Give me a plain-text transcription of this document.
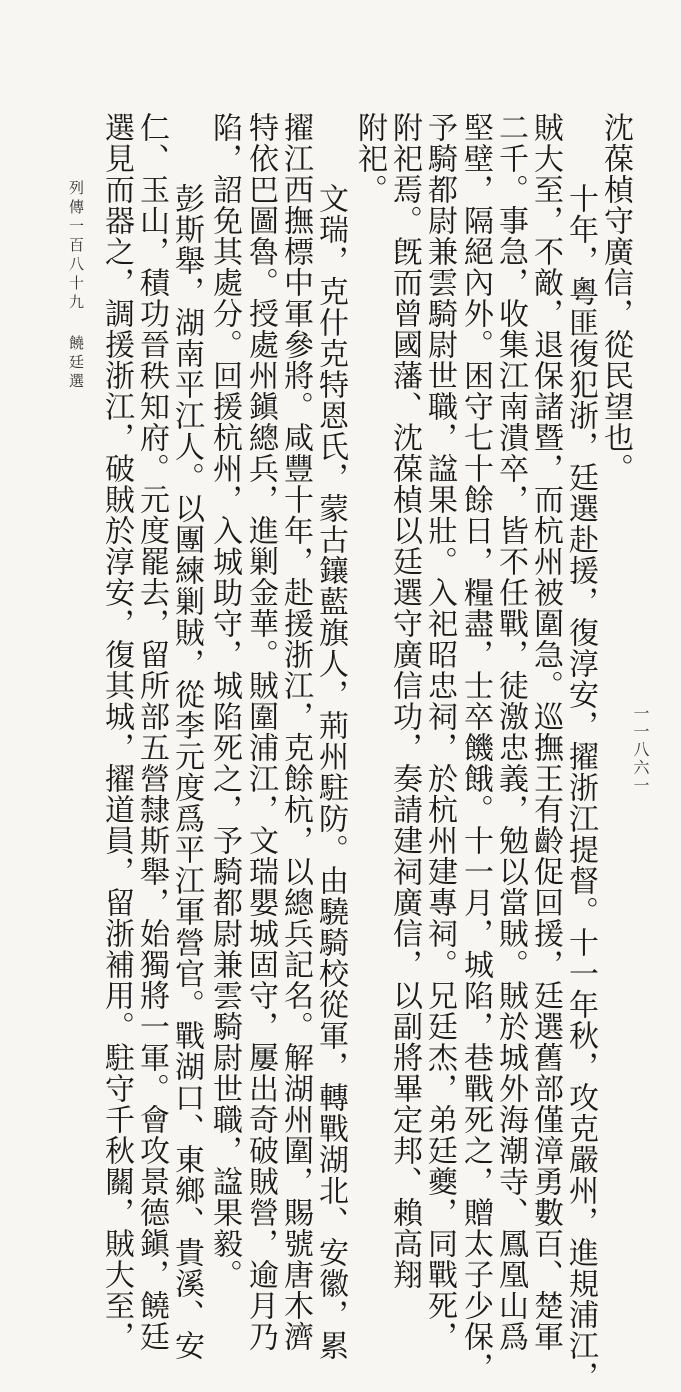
一一八六一
沈葆楨守廣信，從民望也。
　十年，粵匪復犯浙，廷選赴援，復淳安，擢浙江提督。十一年秋，攻克嚴州，進規浦江，
賊大至，不敵，退保諸暨，而杭州被圍急。巡撫王有齡促回援，廷選舊部僅漳勇數百、楚軍
二千。事急，收集江南潰卒，皆不任戰，徒激忠義，勉以當賊。賊於城外海潮寺、鳳凰山爲
堅壁，隔絕內外。困守七十餘日，糧盡，士卒饑餓。十一月，城陷，巷戰死之，贈太子少保，
予騎都尉兼雲騎尉世職，諡果壯。入祀昭忠祠，於杭州建專祠。兄廷杰，弟廷夔，同戰死，
附祀焉。旣而曾國藩、沈葆楨以廷選守廣信功，奏請建祠廣信，以副將畢定邦、賴高翔
附祀。
　文瑞，克什克特恩氏，蒙古鑲藍旗人，荊州駐防。由驍騎校從軍，轉戰湖北、安徽，累
擢江西撫標中軍參將。咸豐十年，赴援浙江，克餘杭，以總兵記名。解湖州圍，賜號唐木濟
特依巴圖魯。授處州鎭總兵，進剿金華。賊圍浦江，文瑞嬰城固守，屢出奇破賊營，逾月乃
陷，詔免其處分。回援杭州，入城助守，城陷死之，予騎都尉兼雲騎尉世職，諡果毅。
　彭斯舉，湖南平江人。以團練剿賊，從李元度爲平江軍營官。戰湖口、東鄉、貴溪、安
仁、玉山，積功晉秩知府。元度罷去，留所部五營隸斯舉，始獨將一軍。會攻景德鎭，饒廷
選見而器之，調援浙江，破賊於淳安，復其城，擢道員，留浙補用。駐守千秋關，賊大至，
列傳一百八十九 饒廷選
